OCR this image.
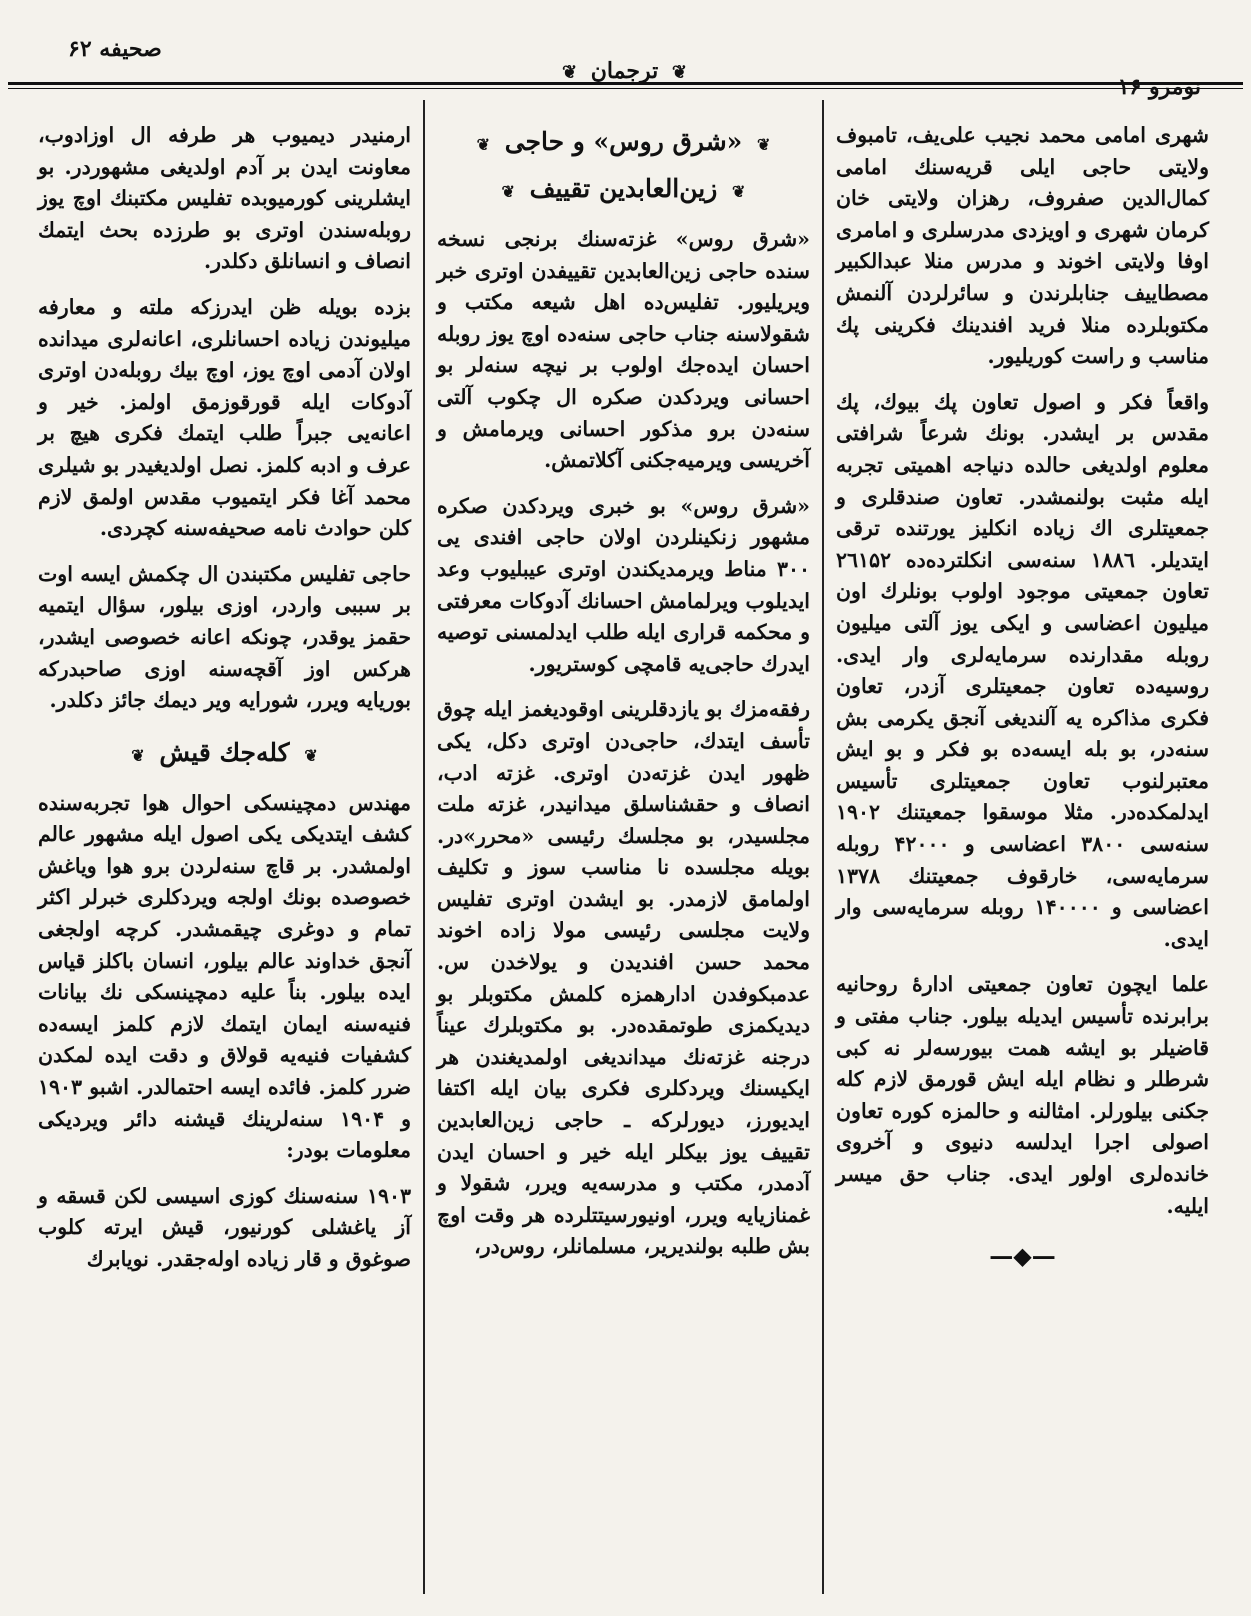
صحیفه ۶۲
❦ ترجمان ❦
نومرو ۱۶

ارمنیدر دیمیوب هر طرفه ال اوزادوب، معاونت ایدن بر آدم اولدیغی مشهوردر. بو ایشلرینی کورمیوبده تفلیس مکتبنك اوچ یوز روبله‌سندن اوتری بو طرزده بحث ایتمك انصاف و انسانلق دکلدر.

بزده بویله ظن ایدرزکه ملته و معارفه میلیوندن زیاده احسانلری، اعانه‌لری میدانده اولان آدمی اوچ یوز، اوچ بیك روبله‌دن اوتری آدوکات ایله قورقوزمق اولمز. خیر و اعانه‌یی جبراً طلب ایتمك فکری هیچ بر عرف و ادبه کلمز. نصل اولدیغیدر بو شیلری محمد آغا فکر ایتمیوب مقدس اولمق لازم کلن حوادث نامه صحیفه‌سنه کچردی.

حاجی تفلیس مکتبندن ال چکمش ایسه اوت بر سببی واردر، اوزی بیلور، سؤال ایتمیه حقمز یوقدر، چونکه اعانه خصوصی ایشدر، هرکس اوز آقچه‌سنه اوزی صاحبدرکه بوریایه ویرر، شورایه ویر دیمك جائز دکلدر.

❦ کله‌جك قیش ❦

مهندس دمچینسکی احوال هوا تجربه‌سنده کشف ایتدیکی یکی اصول ایله مشهور عالم اولمشدر. بر قاچ سنه‌لردن برو هوا ویاغش خصوصده بونك اولجه ویردکلری خبرلر اکثر تمام و دوغری چیقمشدر. کرچه اولجغی آنجق خداوند عالم بیلور، انسان باکلز قیاس ایده بیلور. بناً علیه دمچینسکی نك بیانات فنیه‌سنه ایمان ایتمك لازم کلمز ایسه‌ده کشفیات فنیه‌یه قولاق و دقت ایده لمکدن ضرر کلمز. فائده ایسه احتمالدر. اشبو ۱۹۰۳ و ۱۹۰۴ سنه‌لرینك قیشنه دائر ویردیکی معلومات بودر:

۱۹۰۳ سنه‌سنك کوزی اسیسی لکن قسقه و آز یاغشلی کورنیور، قیش ایرته کلوب صوغوق و قار زیاده اوله‌جقدر. نویابرك

❦ «شرق روس» و حاجی ❦
❦ زین‌العابدین تقییف ❦

«شرق روس» غزته‌سنك برنجی نسخه سنده حاجی زین‌العابدین تقییفدن اوتری خبر ویریلیور. تفلیس‌ده اهل شیعه مکتب و شقولاسنه جناب حاجی سنه‌ده اوچ یوز روبله احسان ایده‌جك اولوب بر نیچه سنه‌لر بو احسانی ویردکدن صکره ال چکوب آلتی سنه‌دن برو مذکور احسانی ویرمامش و آخریسی ویرمیه‌جکنی آکلاتمش.

«شرق روس» بو خبری ویردکدن صکره مشهور زنکینلردن اولان حاجی افندی یی ۳۰۰ مناط ویرمدیکندن اوتری عیبلیوب وعد ایدیلوب ویرلمامش احسانك آدوکات معرفتی و محکمه قراری ایله طلب ایدلمسنی توصیه ایدرك حاجی‌یه قامچی کوستریور.

رفقه‌مزك بو یازدقلرینی اوقودیغمز ایله چوق تأسف ایتدك، حاجی‌دن اوتری دکل، یکی ظهور ایدن غزته‌دن اوتری. غزته ادب، انصاف و حقشناسلق میدانیدر، غزته ملت مجلسیدر، بو مجلسك رئیسی «محرر»در. بویله مجلسده نا مناسب سوز و تکلیف اولمامق لازمدر. بو ایشدن اوتری تفلیس ولایت مجلسی رئیسی مولا زاده اخوند محمد حسن افندیدن و یولاخدن س. عدمبکوفدن ادارهمزه کلمش مکتوبلر بو دیدیکمزی طوتمقده‌در. بو مکتوبلرك عیناً درجنه غزته‌نك میداندیغی اولمدیغندن هر ایکیسنك ویردکلری فکری بیان ایله اکتفا ایدیورز، دیورلرکه ـ حاجی زین‌العابدین تقییف یوز بیکلر ایله خیر و احسان ایدن آدمدر، مکتب و مدرسه‌یه ویرر، شقولا و غمنازیایه ویرر، اونیورسیتتلرده هر وقت اوچ بش طلبه بولندیریر، مسلمانلر، روس‌در،

شهری امامی محمد نجیب علی‌یف، تامبوف ولایتی حاجی ایلی قریه‌سنك امامی کمال‌الدین صفروف، رهزان ولایتی خان کرمان شهری و اویزدی مدرسلری و امامری اوفا ولایتی اخوند و مدرس منلا عبدالکبیر مصطاییف جنابلرندن و سائرلردن آلنمش مکتوبلرده منلا فرید افندینك فکرینی پك مناسب و راست کوریلیور.

واقعاً فکر و اصول تعاون پك بیوك، پك مقدس بر ایشدر. بونك شرعاً شرافتی معلوم اولدیغی حالده دنیاجه اهمیتی تجربه ایله مثبت بولنمشدر. تعاون صندقلری و جمعیتلری اك زیاده انکلیز یورتنده ترقی ایتدیلر. ۱۸۸٦ سنه‌سی انکلترده‌ده ۲٦۱۵۲ تعاون جمعیتی موجود اولوب بونلرك اون میلیون اعضاسی و ایکی یوز آلتی میلیون روبله مقدارنده سرمایه‌لری وار ایدی. روسیه‌ده تعاون جمعیتلری آزدر، تعاون فکری مذاکره یه آلندیغی آنجق یکرمی بش سنه‌در، بو بله ایسه‌ده بو فکر و بو ایش معتبرلنوب تعاون جمعیتلری تأسیس ایدلمکده‌در. مثلا موسقوا جمعیتنك ۱۹۰۲ سنه‌سی ۳۸۰۰ اعضاسی و ۴۲۰۰۰ روبله سرمایه‌سی، خارقوف جمعیتنك ۱۳۷۸ اعضاسی و ۱۴۰۰۰۰ روبله سرمایه‌سی وار ایدی.

علما ایچون تعاون جمعیتی ادارهٔ روحانیه برابرنده تأسیس ایدیله بیلور. جناب مفتی و قاضیلر بو ایشه همت بیورسه‌لر نه کبی شرطلر و نظام ایله ایش قورمق لازم کله جکنی بیلورلر. امثالنه و حالمزه کوره تعاون اصولی اجرا ایدلسه دنیوی و آخروی خانده‌لری اولور ایدی. جناب حق میسر ایلیه.

—◆—
